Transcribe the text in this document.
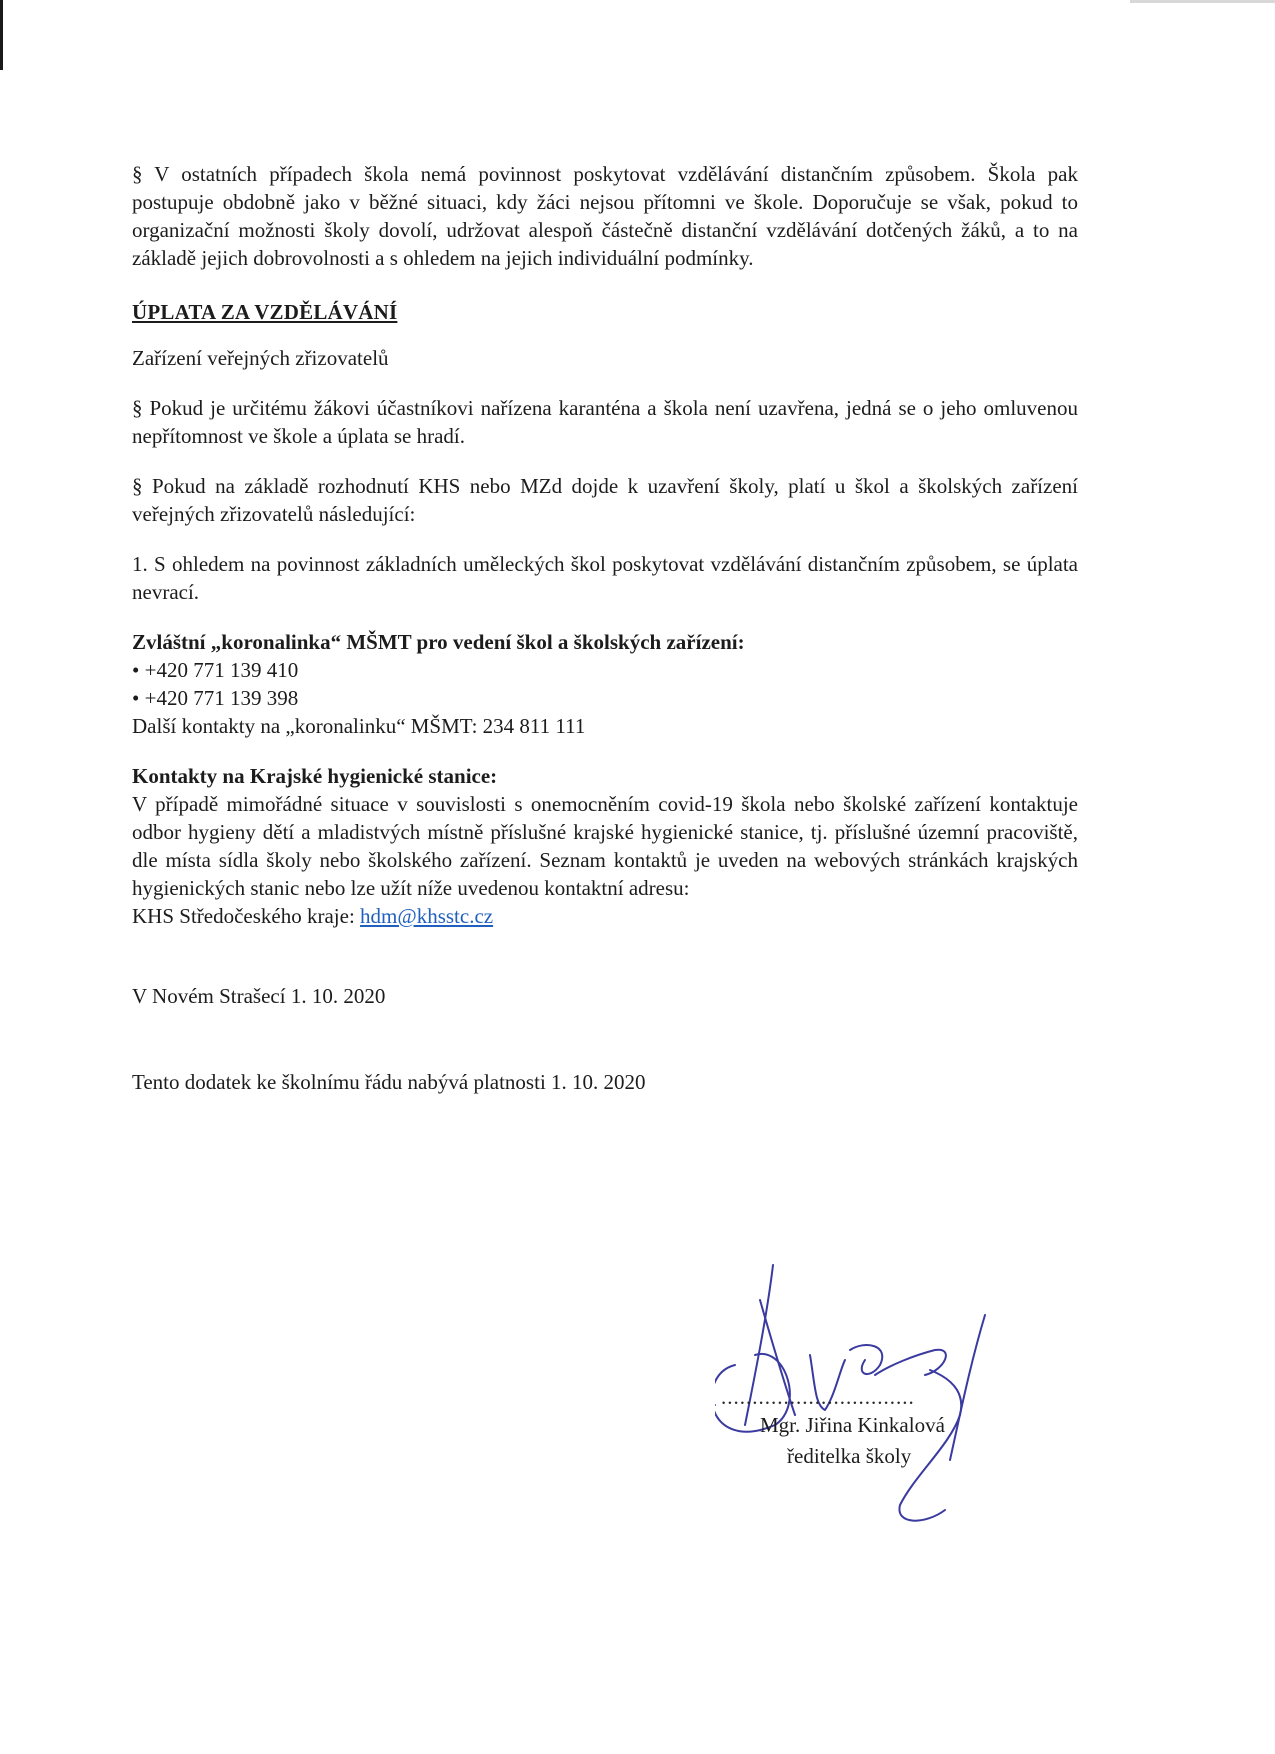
§ V ostatních případech škola nemá povinnost poskytovat vzdělávání distančním způsobem. Škola pak postupuje obdobně jako v běžné situaci, kdy žáci nejsou přítomni ve škole. Doporučuje se však, pokud to organizační možnosti školy dovolí, udržovat alespoň částečně distanční vzdělávání dotčených žáků, a to na základě jejich dobrovolnosti a s ohledem na jejich individuální podmínky.

ÚPLATA ZA VZDĚLÁVÁNÍ

Zařízení veřejných zřizovatelů

§ Pokud je určitému žákovi účastníkovi nařízena karanténa a škola není uzavřena, jedná se o jeho omluvenou nepřítomnost ve škole a úplata se hradí.

§ Pokud na základě rozhodnutí KHS nebo MZd dojde k uzavření školy, platí u škol a školských zařízení veřejných zřizovatelů následující:

1. S ohledem na povinnost základních uměleckých škol poskytovat vzdělávání distančním způsobem, se úplata nevrací.

Zvláštní „koronalinka“ MŠMT pro vedení škol a školských zařízení:

• +420 771 139 410

• +420 771 139 398

Další kontakty na „koronalinku“ MŠMT: 234 811 111

Kontakty na Krajské hygienické stanice:

V případě mimořádné situace v souvislosti s onemocněním covid-19 škola nebo školské zařízení kontaktuje odbor hygieny dětí a mladistvých místně příslušné krajské hygienické stanice, tj. příslušné územní pracoviště, dle místa sídla školy nebo školského zařízení. Seznam kontaktů je uveden na webových stránkách krajských hygienických stanic nebo lze užít níže uvedenou kontaktní adresu:

KHS Středočeského kraje: hdm@khsstc.cz

V Novém Strašecí 1. 10. 2020

Tento dodatek ke školnímu řádu nabývá platnosti 1. 10. 2020

...............................
Mgr. Jiřina Kinkalová
ředitelka školy
